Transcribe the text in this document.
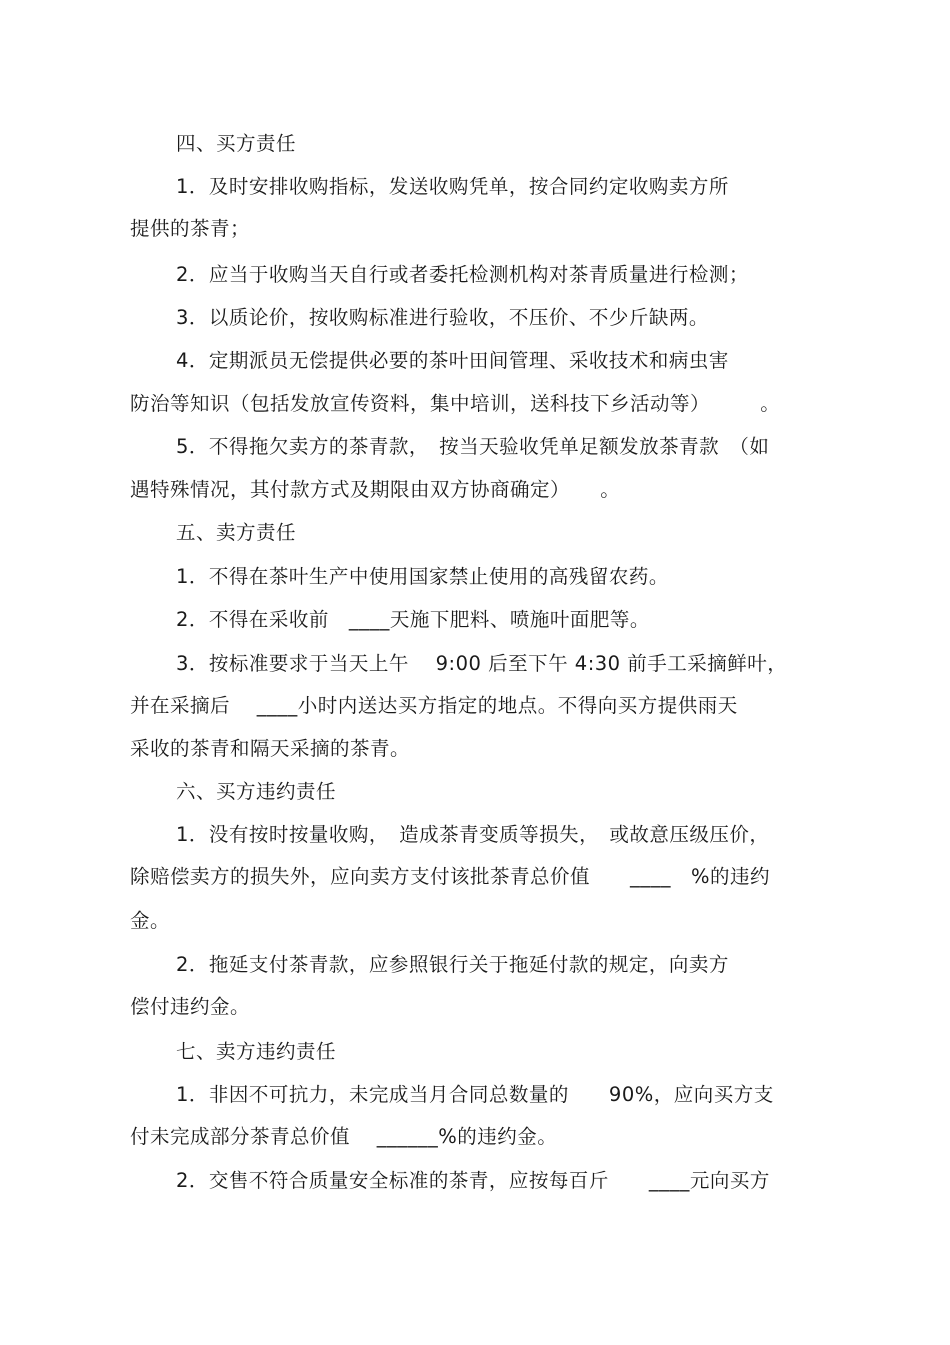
四、买方责任
1．及时安排收购指标，发送收购凭单，按合同约定收购卖方所
提供的茶青；
2．应当于收购当天自行或者委托检测机构对茶青质量进行检测；
3．以质论价，按收购标准进行验收，不压价、不少斤缺两。
4．定期派员无偿提供必要的茶叶田间管理、采收技术和病虫害
防治等知识（包括发放宣传资料，集中培训，送科技下乡活动等）　　　。
5．不得拖欠卖方的茶青款，　按当天验收凭单足额发放茶青款　（如
遇特殊情况，其付款方式及期限由双方协商确定）　　。
五、卖方责任
1．不得在茶叶生产中使用国家禁止使用的高残留农药。
2．不得在采收前　____天施下肥料、喷施叶面肥等。
3．按标准要求于当天上午　 9:00 后至下午 4:30 前手工采摘鲜叶，
并在采摘后　 ____小时内送达买方指定的地点。不得向买方提供雨天
采收的茶青和隔天采摘的茶青。
六、买方违约责任
1．没有按时按量收购，　造成茶青变质等损失，　或故意压级压价，
除赔偿卖方的损失外，应向卖方支付该批茶青总价值　　____　%的违约
金。
2．拖延支付茶青款，应参照银行关于拖延付款的规定，向卖方
偿付违约金。
七、卖方违约责任
1．非因不可抗力，未完成当月合同总数量的　　90%，应向买方支
付未完成部分茶青总价值　 ______%的违约金。
2．交售不符合质量安全标准的茶青，应按每百斤　　____元向买方
